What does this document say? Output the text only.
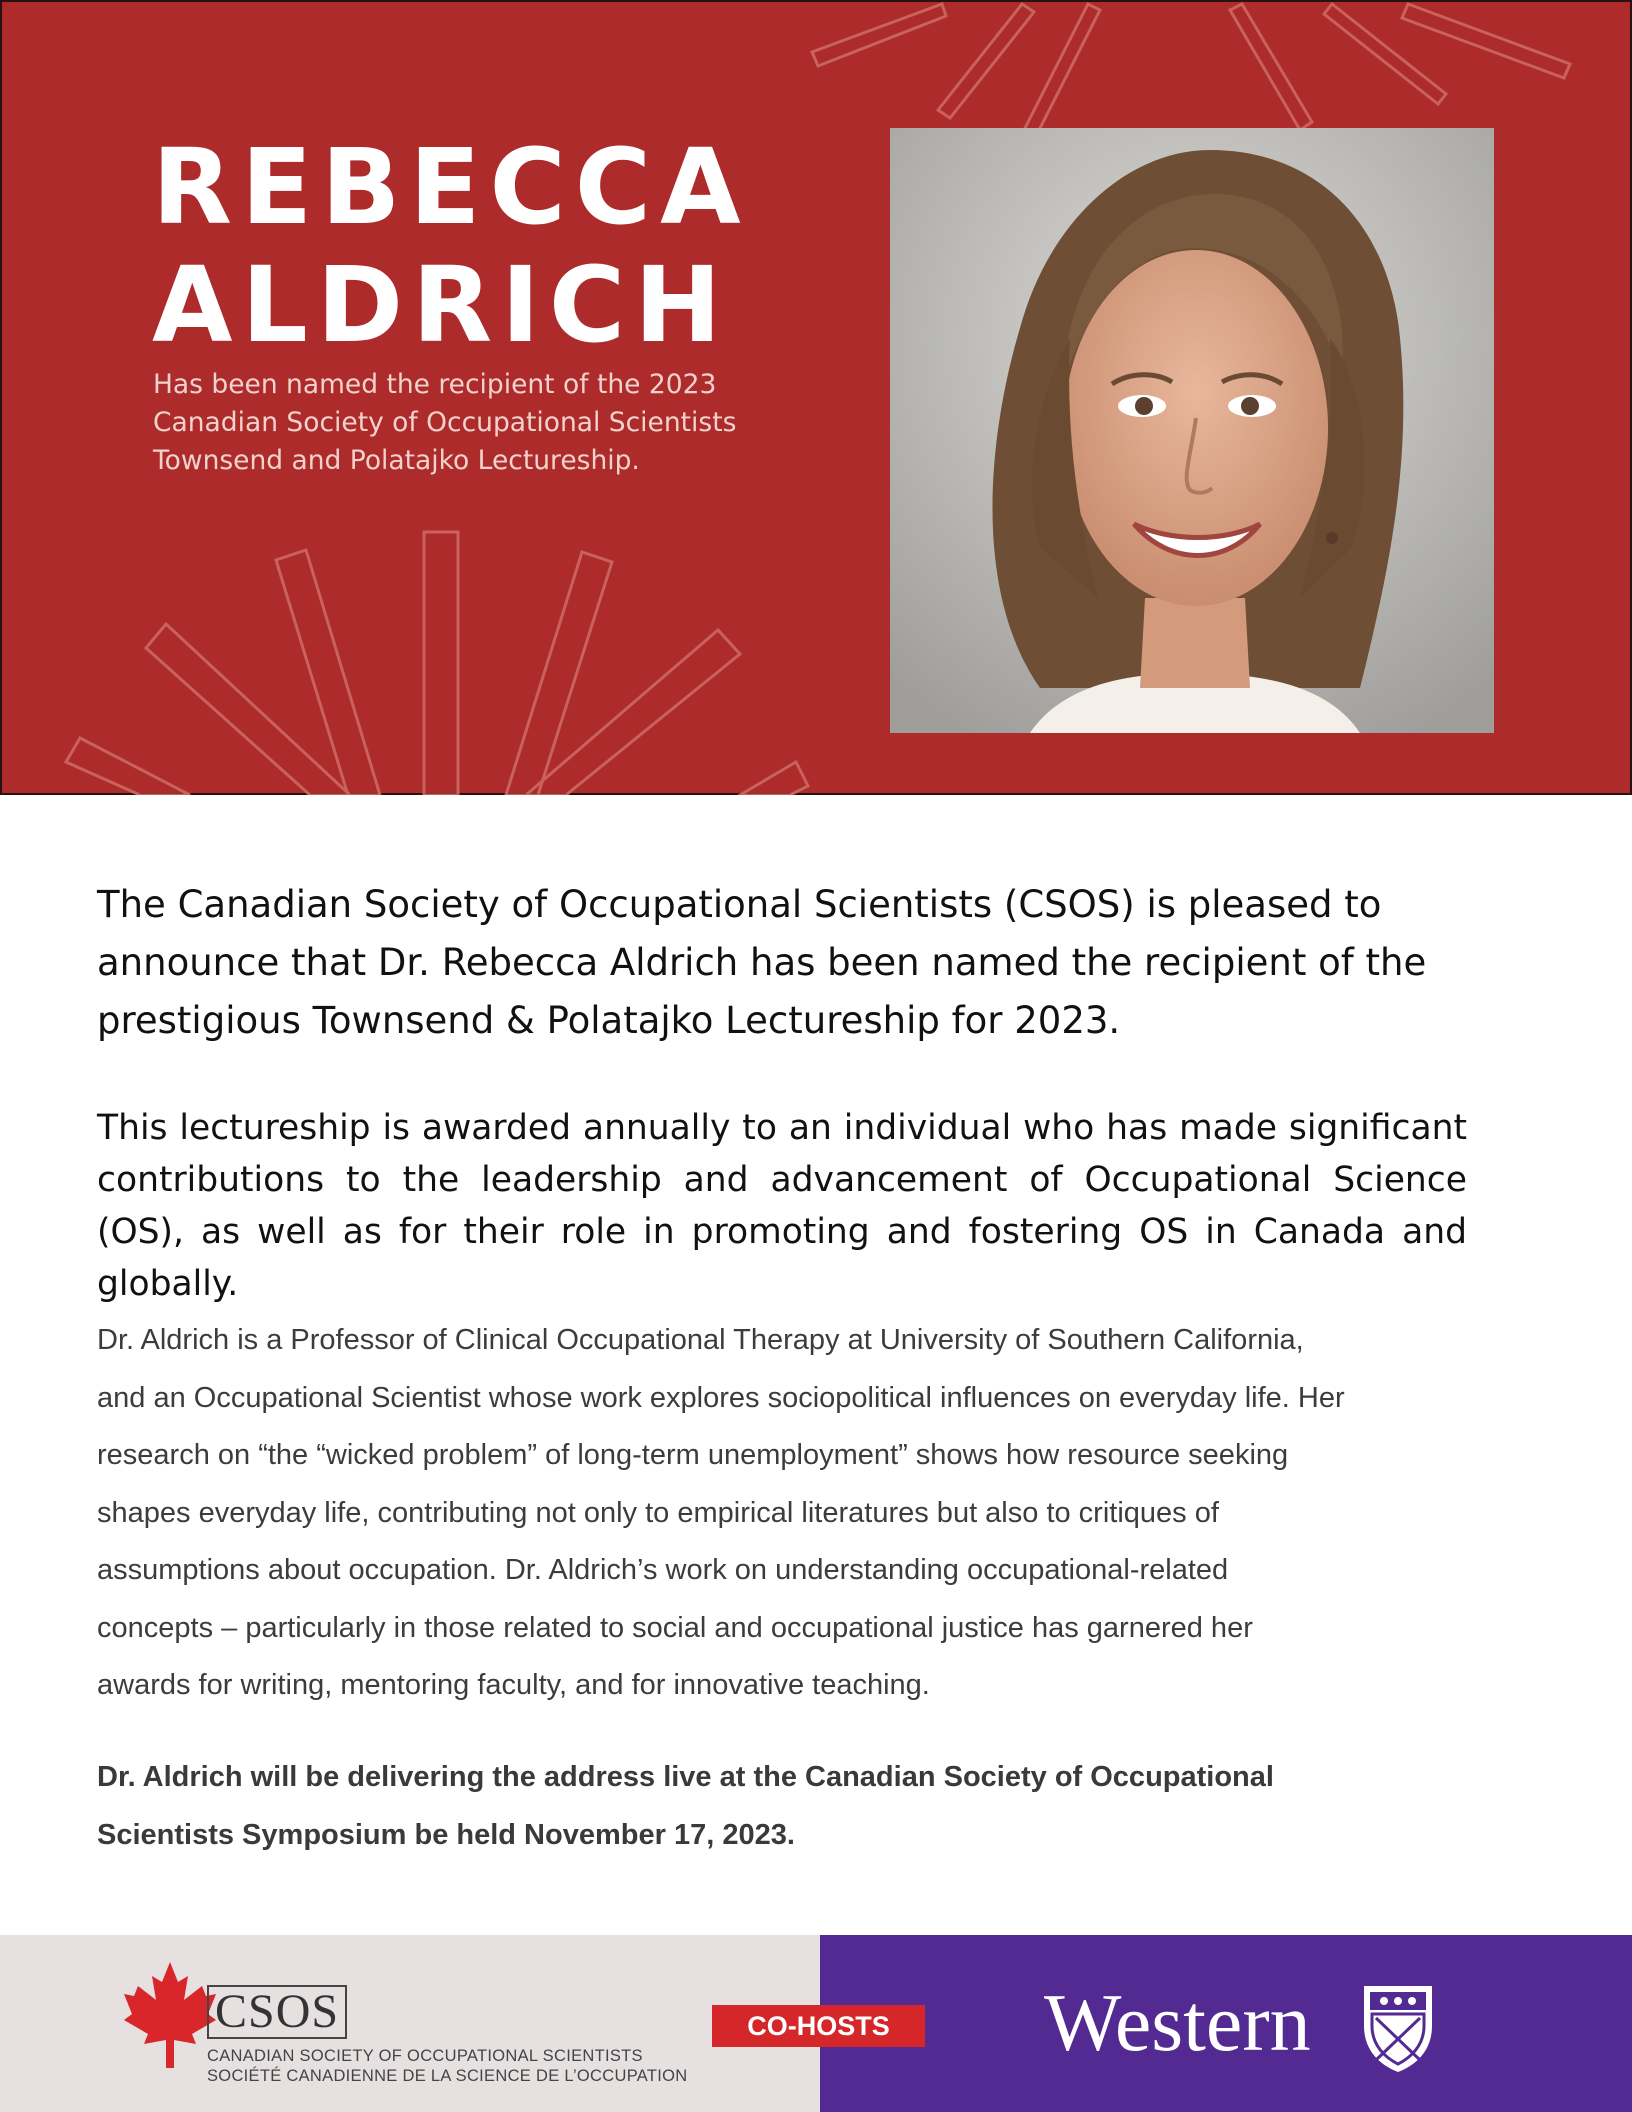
REBECCA
ALDRICH
Has been named the recipient of the 2023
Canadian Society of Occupational Scientists
Townsend and Polatajko Lectureship.

The Canadian Society of Occupational Scientists (CSOS) is pleased to announce that Dr. Rebecca Aldrich has been named the recipient of the prestigious Townsend & Polatajko Lectureship for 2023.

This lectureship is awarded annually to an individual who has made significant contributions to the leadership and advancement of Occupational Science (OS), as well as for their role in promoting and fostering OS in Canada and globally.

Dr. Aldrich is a Professor of Clinical Occupational Therapy at University of Southern California,
and an Occupational Scientist whose work explores sociopolitical influences on everyday life. Her
research on “the “wicked problem” of long-term unemployment” shows how resource seeking
shapes everyday life, contributing not only to empirical literatures but also to critiques of
assumptions about occupation. Dr. Aldrich’s work on understanding occupational-related
concepts – particularly in those related to social and occupational justice has garnered her
awards for writing, mentoring faculty, and for innovative teaching.
Dr. Aldrich will be delivering the address live at the Canadian Society of Occupational
Scientists Symposium be held November 17, 2023.
CSOS
CANADIAN SOCIETY OF OCCUPATIONAL SCIENTISTS
SOCIÉTÉ CANADIENNE DE LA SCIENCE DE L’OCCUPATION
CO-HOSTS	Western
